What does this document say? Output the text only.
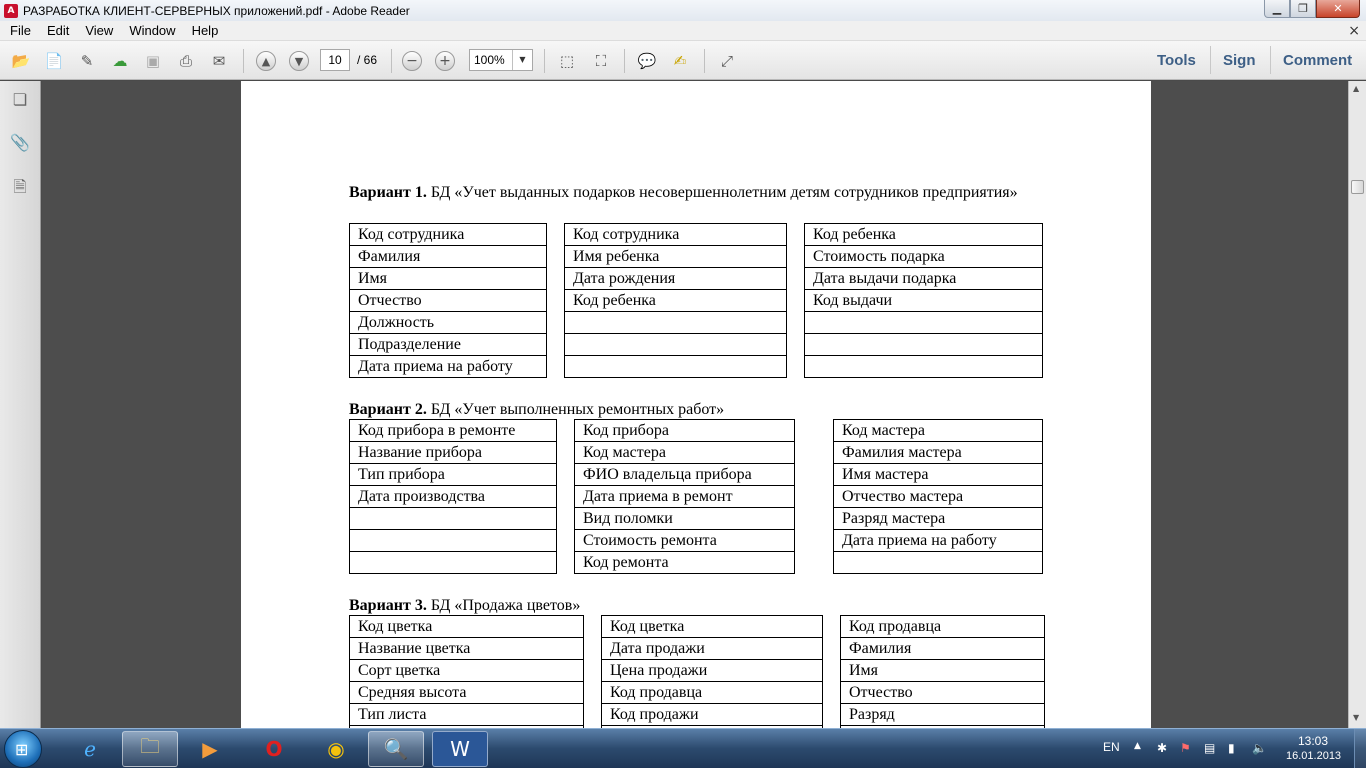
A РАЗРАБОТКА КЛИЕНТ-СЕРВЕРНЫХ приложений.pdf - Adobe Reader	▁ ❐ ✕
File	Edit	View	Window	Help	×
📂 📄	✎	☁ ▣	⎙	✉	▲	▼	− +	⬚	⛶	💬	✍	⤢
10	/ 66	100%	▼	Tools Sign Comment
❏
📎
🗎	Вариант 1. БД «Учет выданных подарков несовершеннолетним детям сотрудников предприятия»
Код сотрудника
Фамилия
Имя
Отчество
Должность
Подразделение
Дата приема на работу
Код сотрудника
Имя ребенка
Дата рождения
Код ребенка

Код ребенка
Стоимость подарка
Дата выдачи подарка
Код выдачи

Вариант 2. БД «Учет выполненных ремонтных работ»
Код прибора в ремонте
Название прибора
Тип прибора
Дата производства

Код прибора
Код мастера
ФИО владельца прибора
Дата приема в ремонт
Вид поломки
Стоимость ремонта
Код ремонта
Код мастера
Фамилия мастера
Имя мастера
Отчество мастера
Разряд мастера
Дата приема на работу

Вариант 3. БД «Продажа цветов»
Код цветка
Название цветка
Сорт цветка
Средняя высота
Тип листа

Код цветка
Дата продажи
Цена продажи
Код продавца
Код продажи

Код продавца
Фамилия
Имя
Отчество
Разряд

▲
▼
⊞	ℯ	🗀	▶	O	◉	🔍	W	EN ▲ ✱ ⚑ ▤ ▮ 🔈	13:03
16.01.2013
